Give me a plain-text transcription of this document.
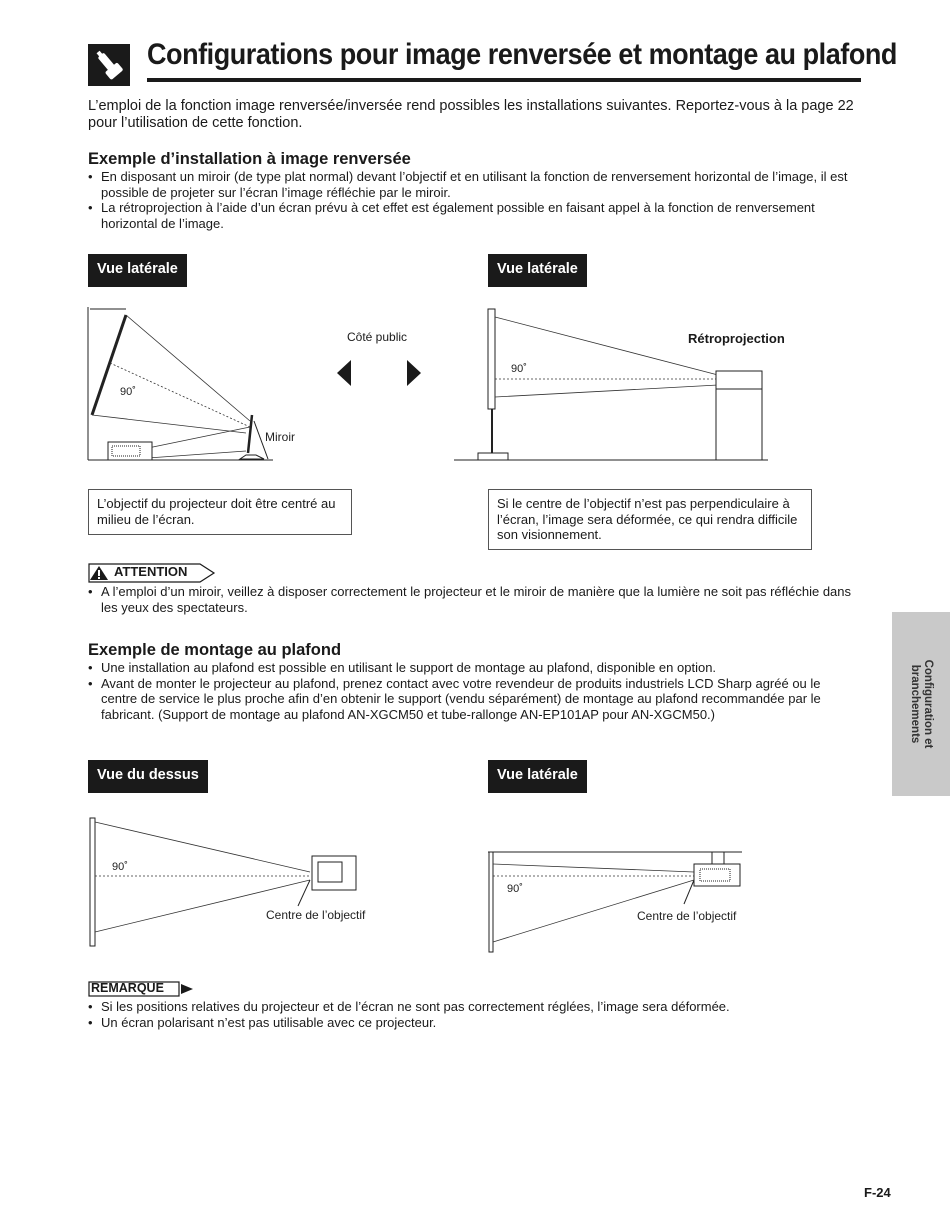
Configurations pour image renversée et montage au plafond
L’emploi de la fonction image renversée/inversée rend possibles les installations suivantes. Reportez-vous à la page 22 pour l’utilisation de cette fonction.
Exemple d’installation à image renversée
• En disposant un miroir (de type plat normal) devant l’objectif et en utilisant la fonction de renversement horizontal de l’image, il est possible de projeter sur l’écran l’image réfléchie par le miroir.
• La rétroprojection à l’aide d’un écran prévu à cet effet est également possible en faisant appel à la fonction de renversement horizontal de l’image.
Vue latérale	Vue latérale
90˚
Miroir
Côté public	Rétroprojection
90˚
L’objectif du projecteur doit être centré au milieu de l’écran.
Si le centre de l’objectif n’est pas perpendiculaire à l’écran, l’image sera déformée, ce qui rendra difficile son visionnement.
ATTENTION
• A l’emploi d’un miroir, veillez à disposer correctement le projecteur et le miroir de manière que la lumière ne soit pas réfléchie dans les yeux des spectateurs.
Exemple de montage au plafond
• Une installation au plafond est possible en utilisant le support de montage au plafond, disponible en option.
• Avant de monter le projecteur au plafond, prenez contact avec votre revendeur de produits industriels LCD Sharp agréé ou le centre de service le plus proche afin d’en obtenir le support (vendu séparément) de montage au plafond recommandée par le fabricant. (Support de montage au plafond AN-XGCM50 et tube-rallonge AN-EP101AP pour AN-XGCM50.)
Vue du dessus	Vue latérale
90˚
Centre de l’objectif
90˚
Centre de l’objectif
REMARQUE
• Si les positions relatives du projecteur et de l’écran ne sont pas correctement réglées, l’image sera déformée.
• Un écran polarisant n’est pas utilisable avec ce projecteur.
Configuration et branchements
F-24
